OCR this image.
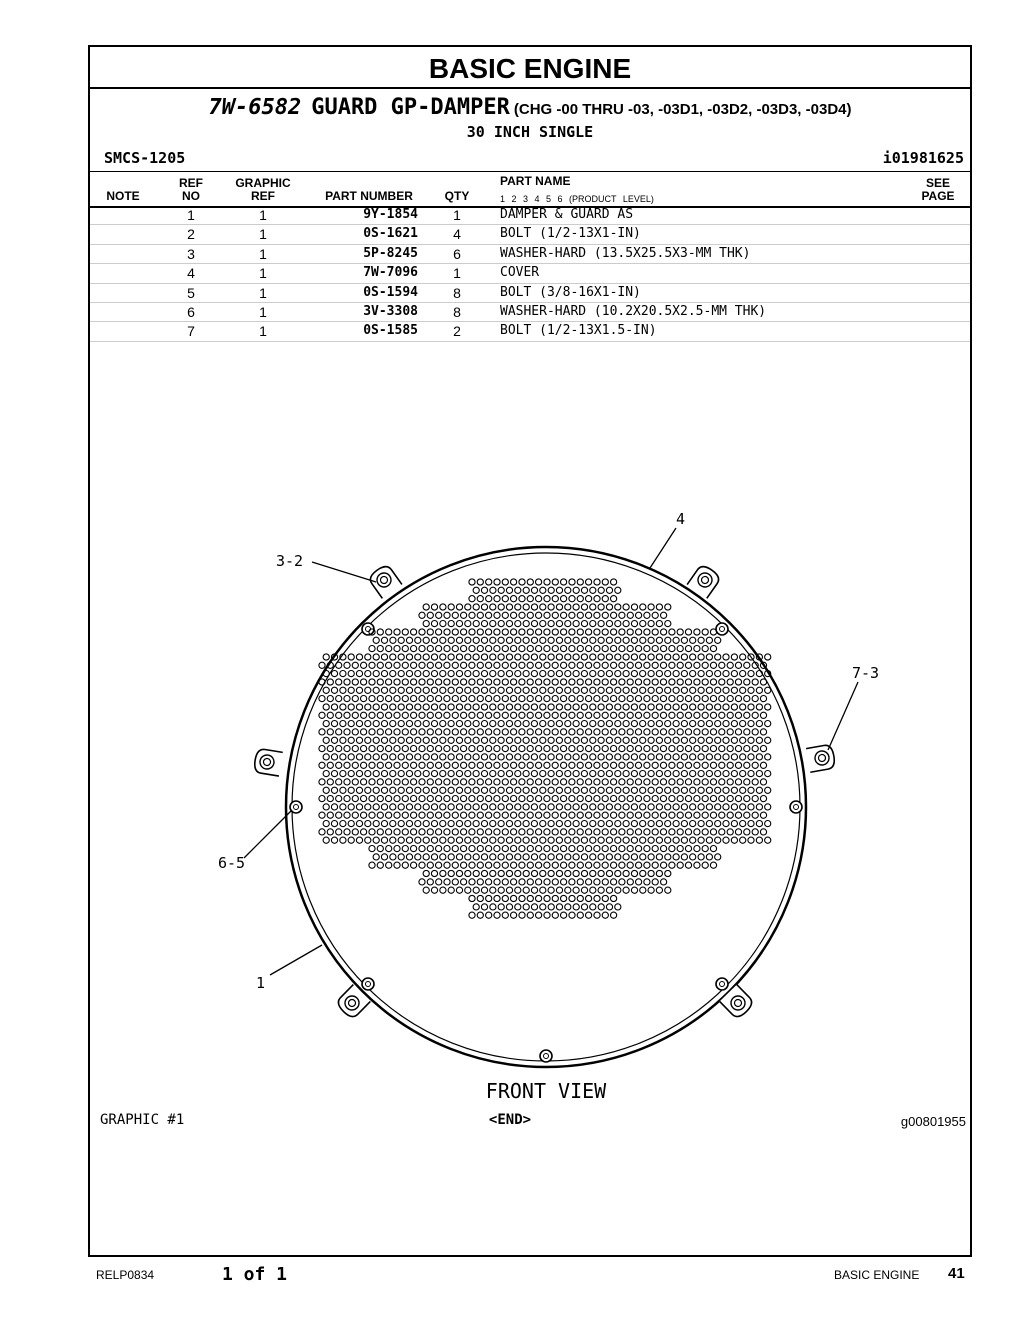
BASIC ENGINE
7W-6582 GUARD GP-DAMPER (CHG -00 THRU -03, -03D1, -03D2, -03D3, -03D4)
30 INCH SINGLE
SMCS-1205	i01981625
NOTE
REF
NO
GRAPHIC
REF	PART NUMBER	QTY
PART NAME
1 2 3 4 5 6 (PRODUCT LEVEL)
SEE
PAGE
1	1	9Y-1854	1	DAMPER & GUARD AS
2	1	0S-1621	4	BOLT (1/2-13X1-IN)
3	1	5P-8245	6	WASHER-HARD (13.5X25.5X3-MM THK)
4	1	7W-7096	1	COVER
5	1	0S-1594	8	BOLT (3/8-16X1-IN)
6	1	3V-3308	8	WASHER-HARD (10.2X20.5X2.5-MM THK)
7	1	0S-1585	2	BOLT (1/2-13X1.5-IN)
3-2
4
7-3
6-5
1
FRONT VIEW
GRAPHIC #1	<END>	g00801955
RELP0834	1 of 1	BASIC ENGINE 41
